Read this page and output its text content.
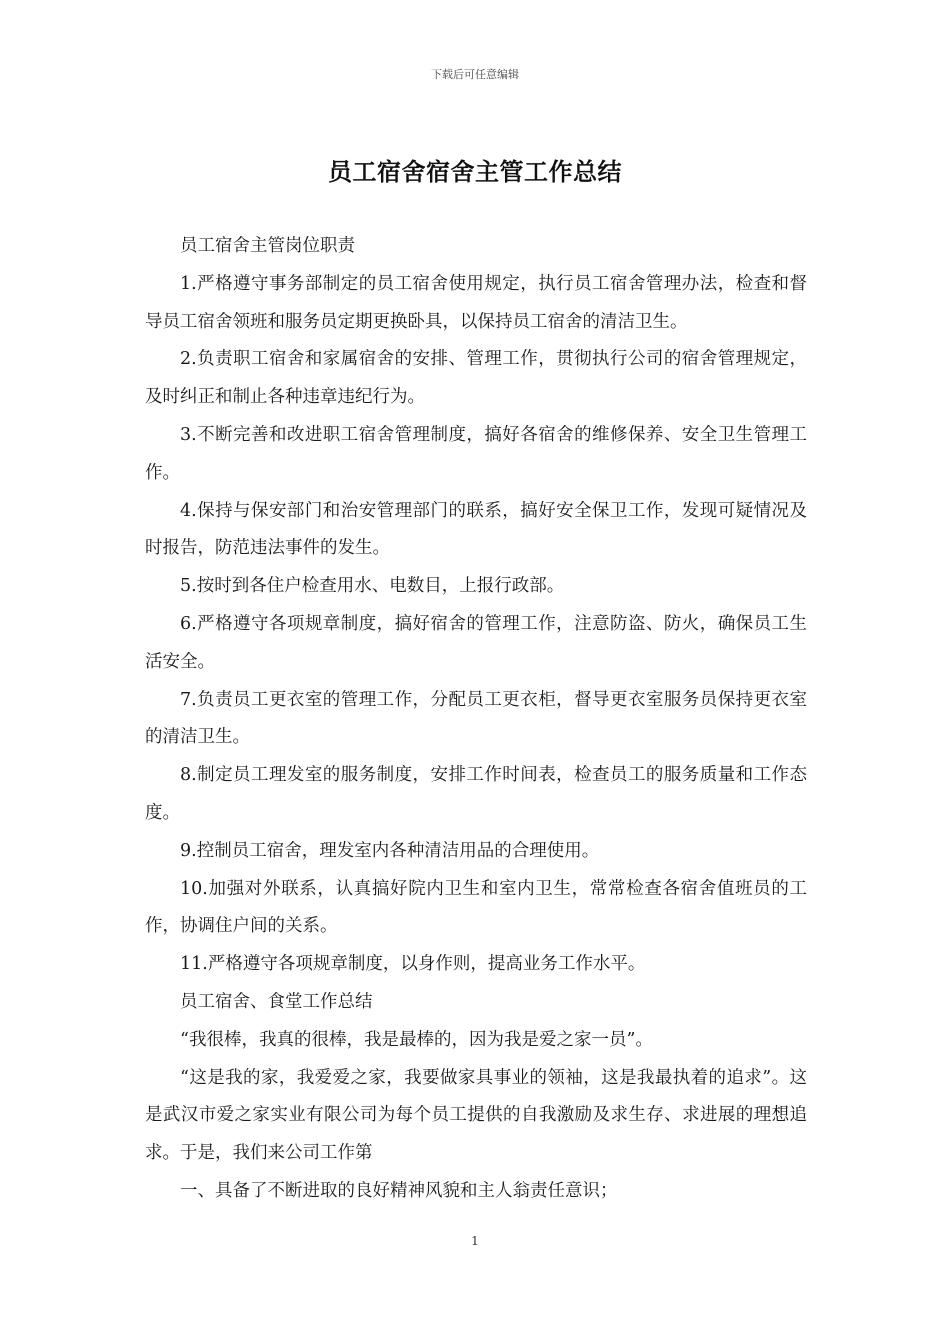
下载后可任意编辑
员工宿舍宿舍主管工作总结

员工宿舍主管岗位职责

1.严格遵守事务部制定的员工宿舍使用规定，执行员工宿舍管理办法，检查和督导员工宿舍领班和服务员定期更换卧具，以保持员工宿舍的清洁卫生。

2.负责职工宿舍和家属宿舍的安排、管理工作，贯彻执行公司的宿舍管理规定，及时纠正和制止各种违章违纪行为。

3.不断完善和改进职工宿舍管理制度，搞好各宿舍的维修保养、安全卫生管理工作。

4.保持与保安部门和治安管理部门的联系，搞好安全保卫工作，发现可疑情况及时报告，防范违法事件的发生。

5.按时到各住户检查用水、电数目，上报行政部。

6.严格遵守各项规章制度，搞好宿舍的管理工作，注意防盗、防火，确保员工生活安全。

7.负责员工更衣室的管理工作，分配员工更衣柜，督导更衣室服务员保持更衣室的清洁卫生。

8.制定员工理发室的服务制度，安排工作时间表，检查员工的服务质量和工作态度。

9.控制员工宿舍，理发室内各种清洁用品的合理使用。

10.加强对外联系，认真搞好院内卫生和室内卫生，常常检查各宿舍值班员的工作，协调住户间的关系。

11.严格遵守各项规章制度，以身作则，提高业务工作水平。

员工宿舍、食堂工作总结

“我很棒，我真的很棒，我是最棒的，因为我是爱之家一员”。

“这是我的家，我爱爱之家，我要做家具事业的领袖，这是我最执着的追求”。这是武汉市爱之家实业有限公司为每个员工提供的自我激励及求生存、求进展的理想追求。于是，我们来公司工作第

一、具备了不断进取的良好精神风貌和主人翁责任意识；

1
